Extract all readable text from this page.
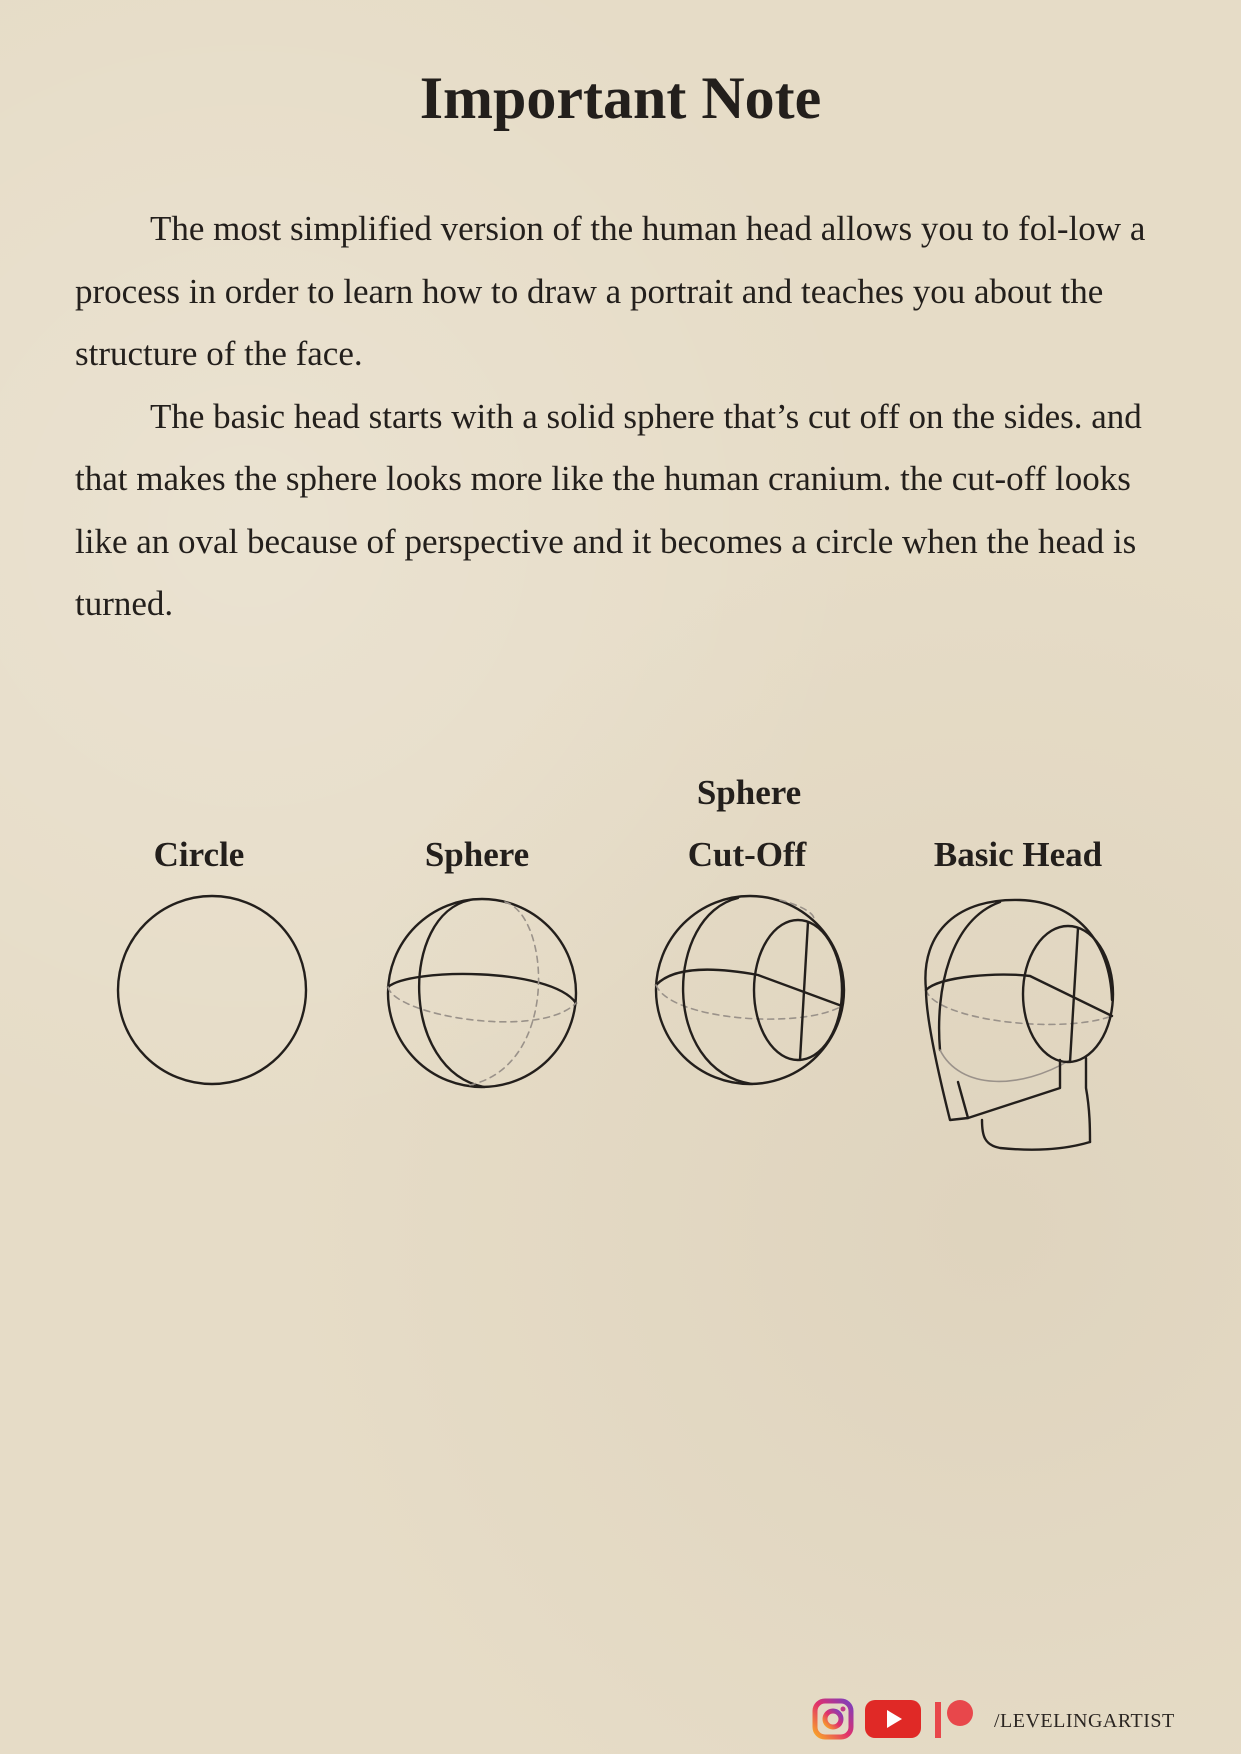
Important Note

The most simplified version of the human head allows you to fol-low a process in order to learn how to draw a portrait and teaches you about the structure of the face.

The basic head starts with a solid sphere that’s cut off on the sides. and that makes the sphere looks more like the human cranium. the cut-off looks like an oval because of perspective and it becomes a circle when the head is turned.

Circle	Sphere
Sphere
Cut-Off	Basic Head
/LEVELINGARTIST
